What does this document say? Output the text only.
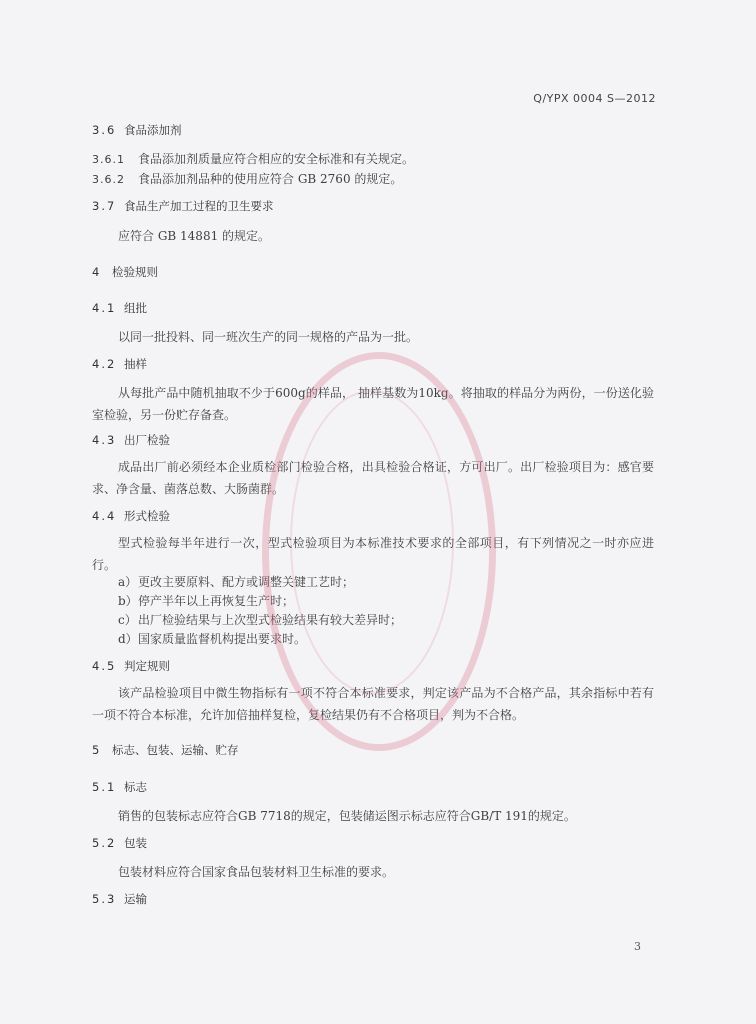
Q/YPX 0004 S—2012
3.6 食品添加剂
3.6.1 食品添加剂质量应符合相应的安全标准和有关规定。
3.6.2 食品添加剂品种的使用应符合 GB 2760 的规定。
3.7 食品生产加工过程的卫生要求
应符合 GB 14881 的规定。
4 检验规则
4.1 组批
以同一批投料、同一班次生产的同一规格的产品为一批。
4.2 抽样
从每批产品中随机抽取不少于600g的样品， 抽样基数为10kg。将抽取的样品分为两份，一份送化验室检验，另一份贮存备查。
4.3 出厂检验
成品出厂前必须经本企业质检部门检验合格，出具检验合格证，方可出厂。出厂检验项目为：感官要求、净含量、菌落总数、大肠菌群。
4.4 形式检验
型式检验每半年进行一次，型式检验项目为本标准技术要求的全部项目，有下列情况之一时亦应进行。
a）更改主要原料、配方或调整关键工艺时；
b）停产半年以上再恢复生产时；
c）出厂检验结果与上次型式检验结果有较大差异时；
d）国家质量监督机构提出要求时。
4.5 判定规则
该产品检验项目中微生物指标有一项不符合本标准要求，判定该产品为不合格产品，其余指标中若有一项不符合本标准，允许加倍抽样复检，复检结果仍有不合格项目，判为不合格。
5 标志、包装、运输、贮存
5.1 标志
销售的包装标志应符合GB 7718的规定，包装储运图示标志应符合GB/T 191的规定。
5.2 包装
包装材料应符合国家食品包装材料卫生标准的要求。
5.3 运输
3
